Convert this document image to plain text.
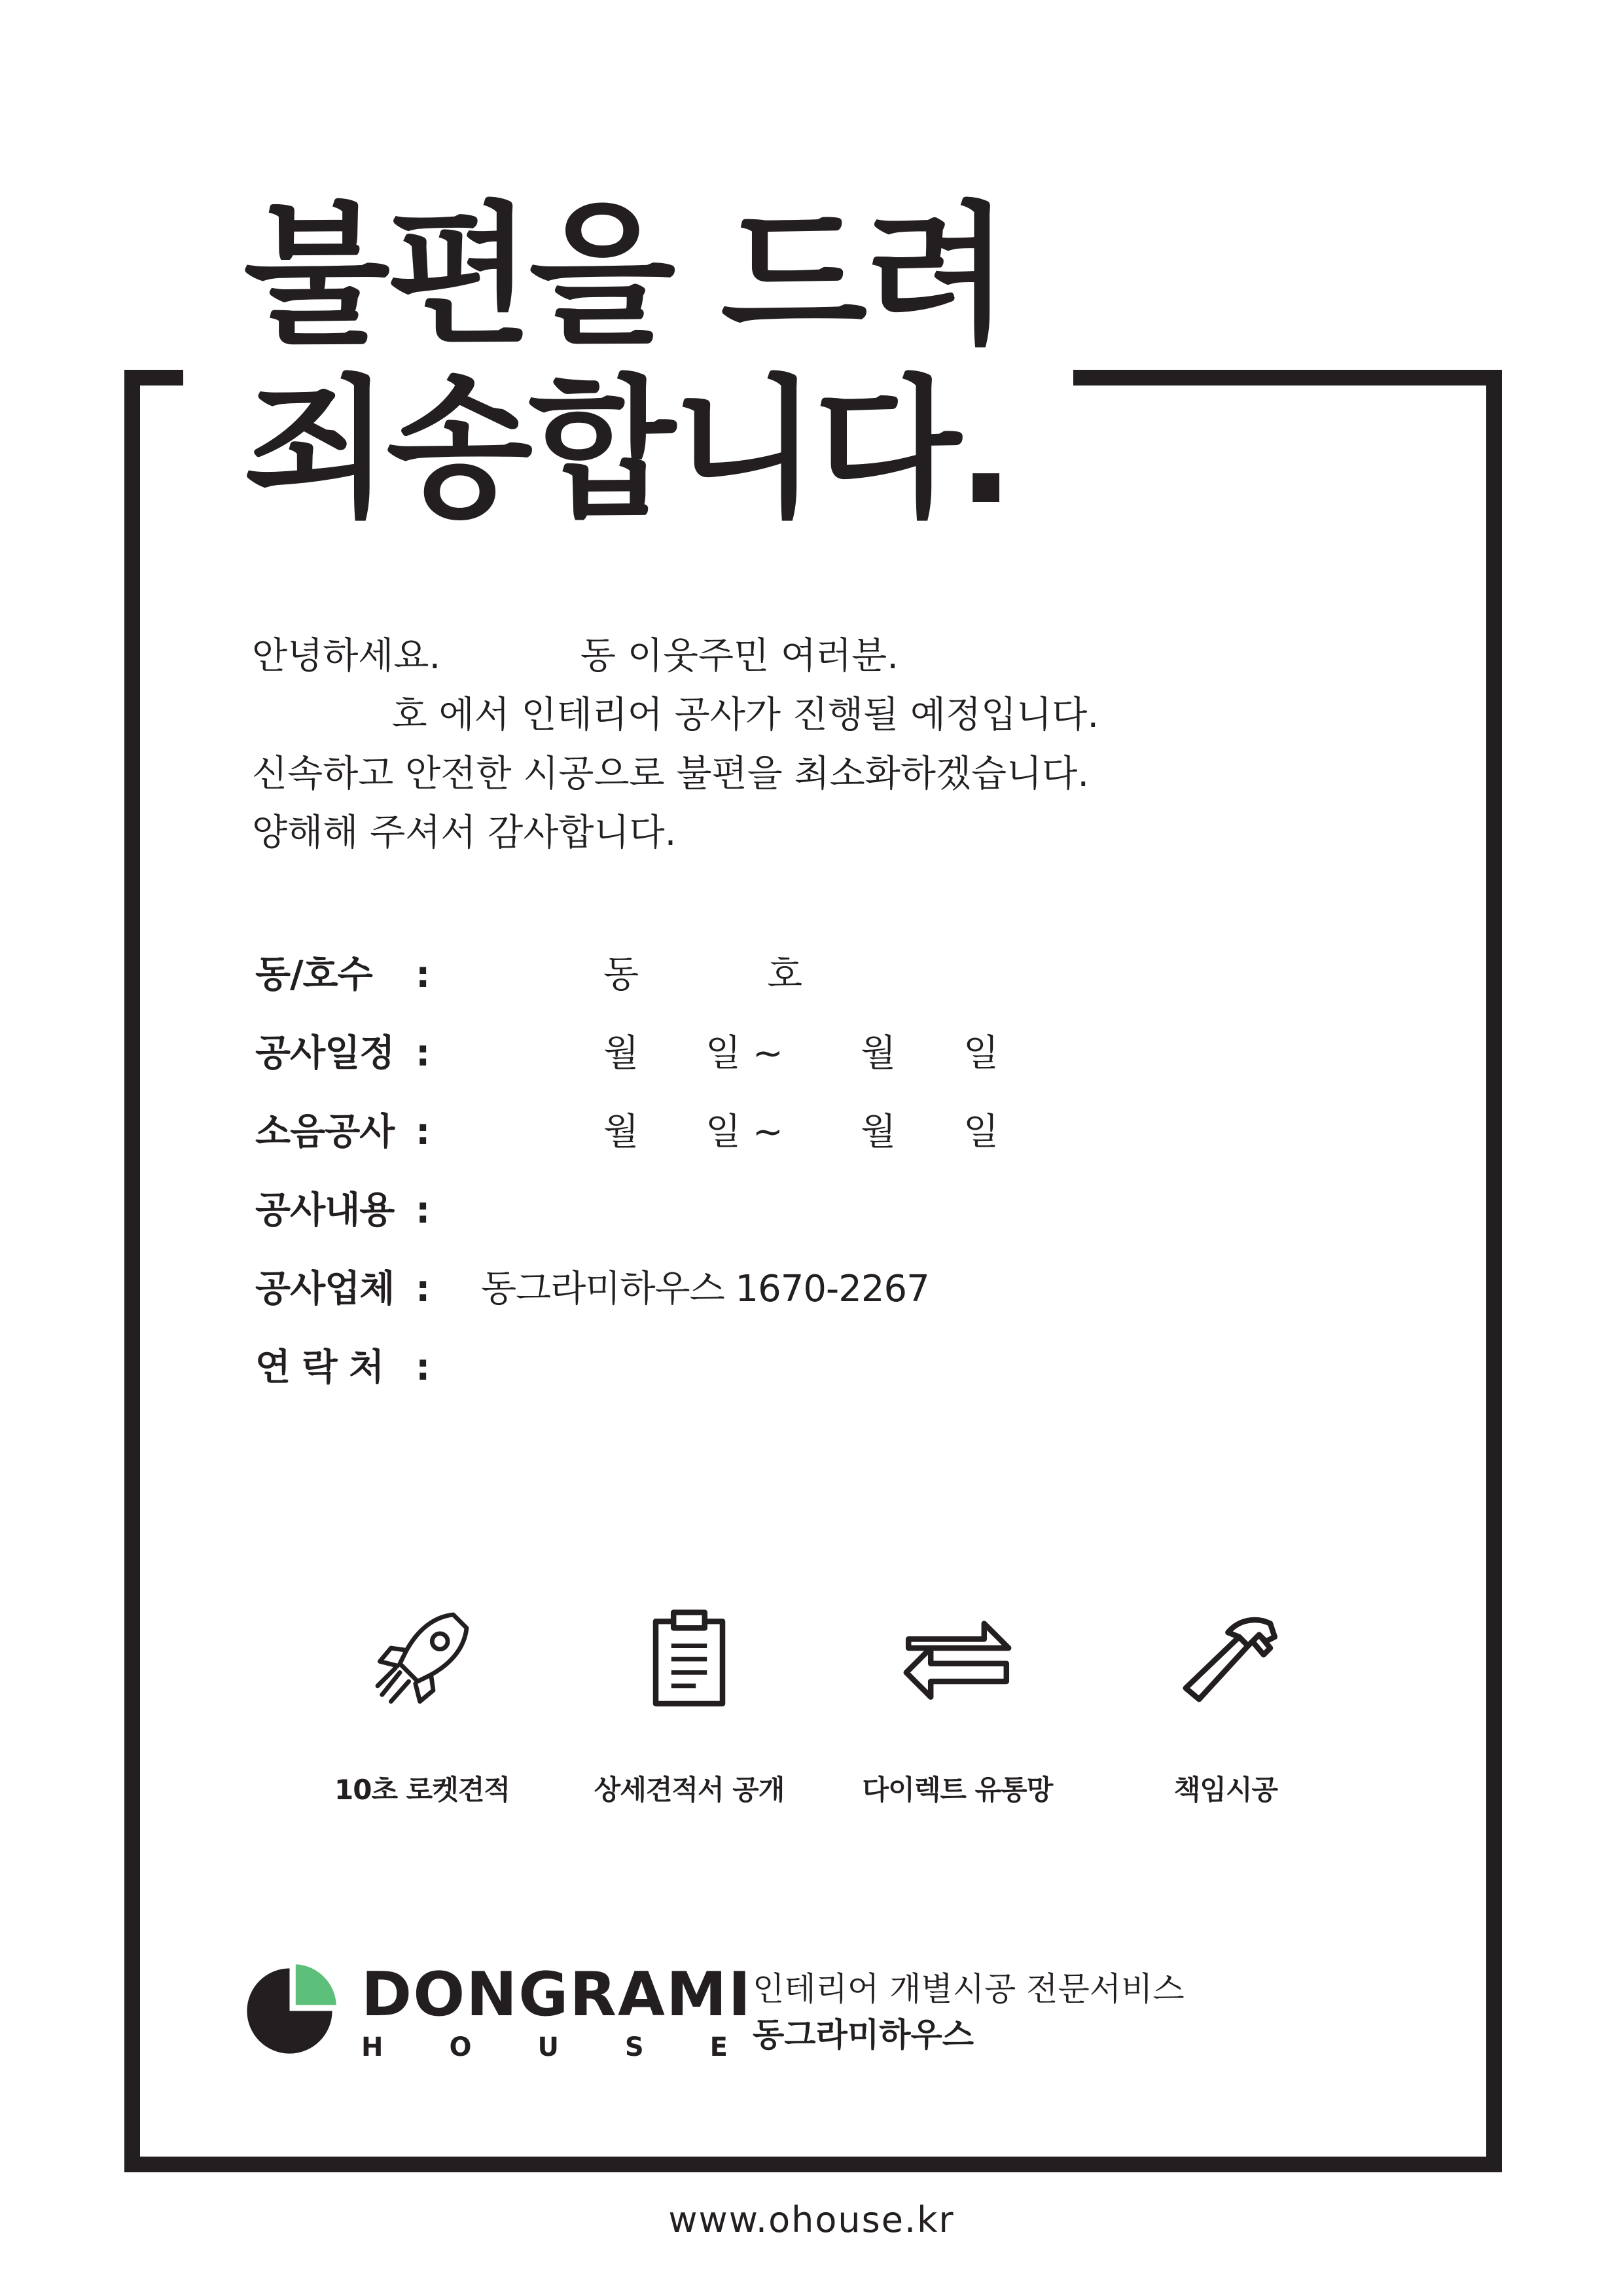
불편을 드려
죄송합니다.
안녕하세요.            동 이웃주민 여러분.
호 에서 인테리어 공사가 진행될 예정입니다.
신속하고 안전한 시공으로 불편을 최소화하겠습니다.
양해해 주셔서 감사합니다.
동/호수 :	동	호
공사일정 :	월 일 ~ 월 일
소음공사 :	월 일 ~ 월 일
공사내용 :
공사업체 : 동그라미하우스 1670-2267
연 락 처 :
10초 로켓견적	상세견적서 공개	다이렉트 유통망	책임시공
DONGRAMI
H	O	U	S	E
인테리어 개별시공 전문서비스
동그라미하우스
www.ohouse.kr
